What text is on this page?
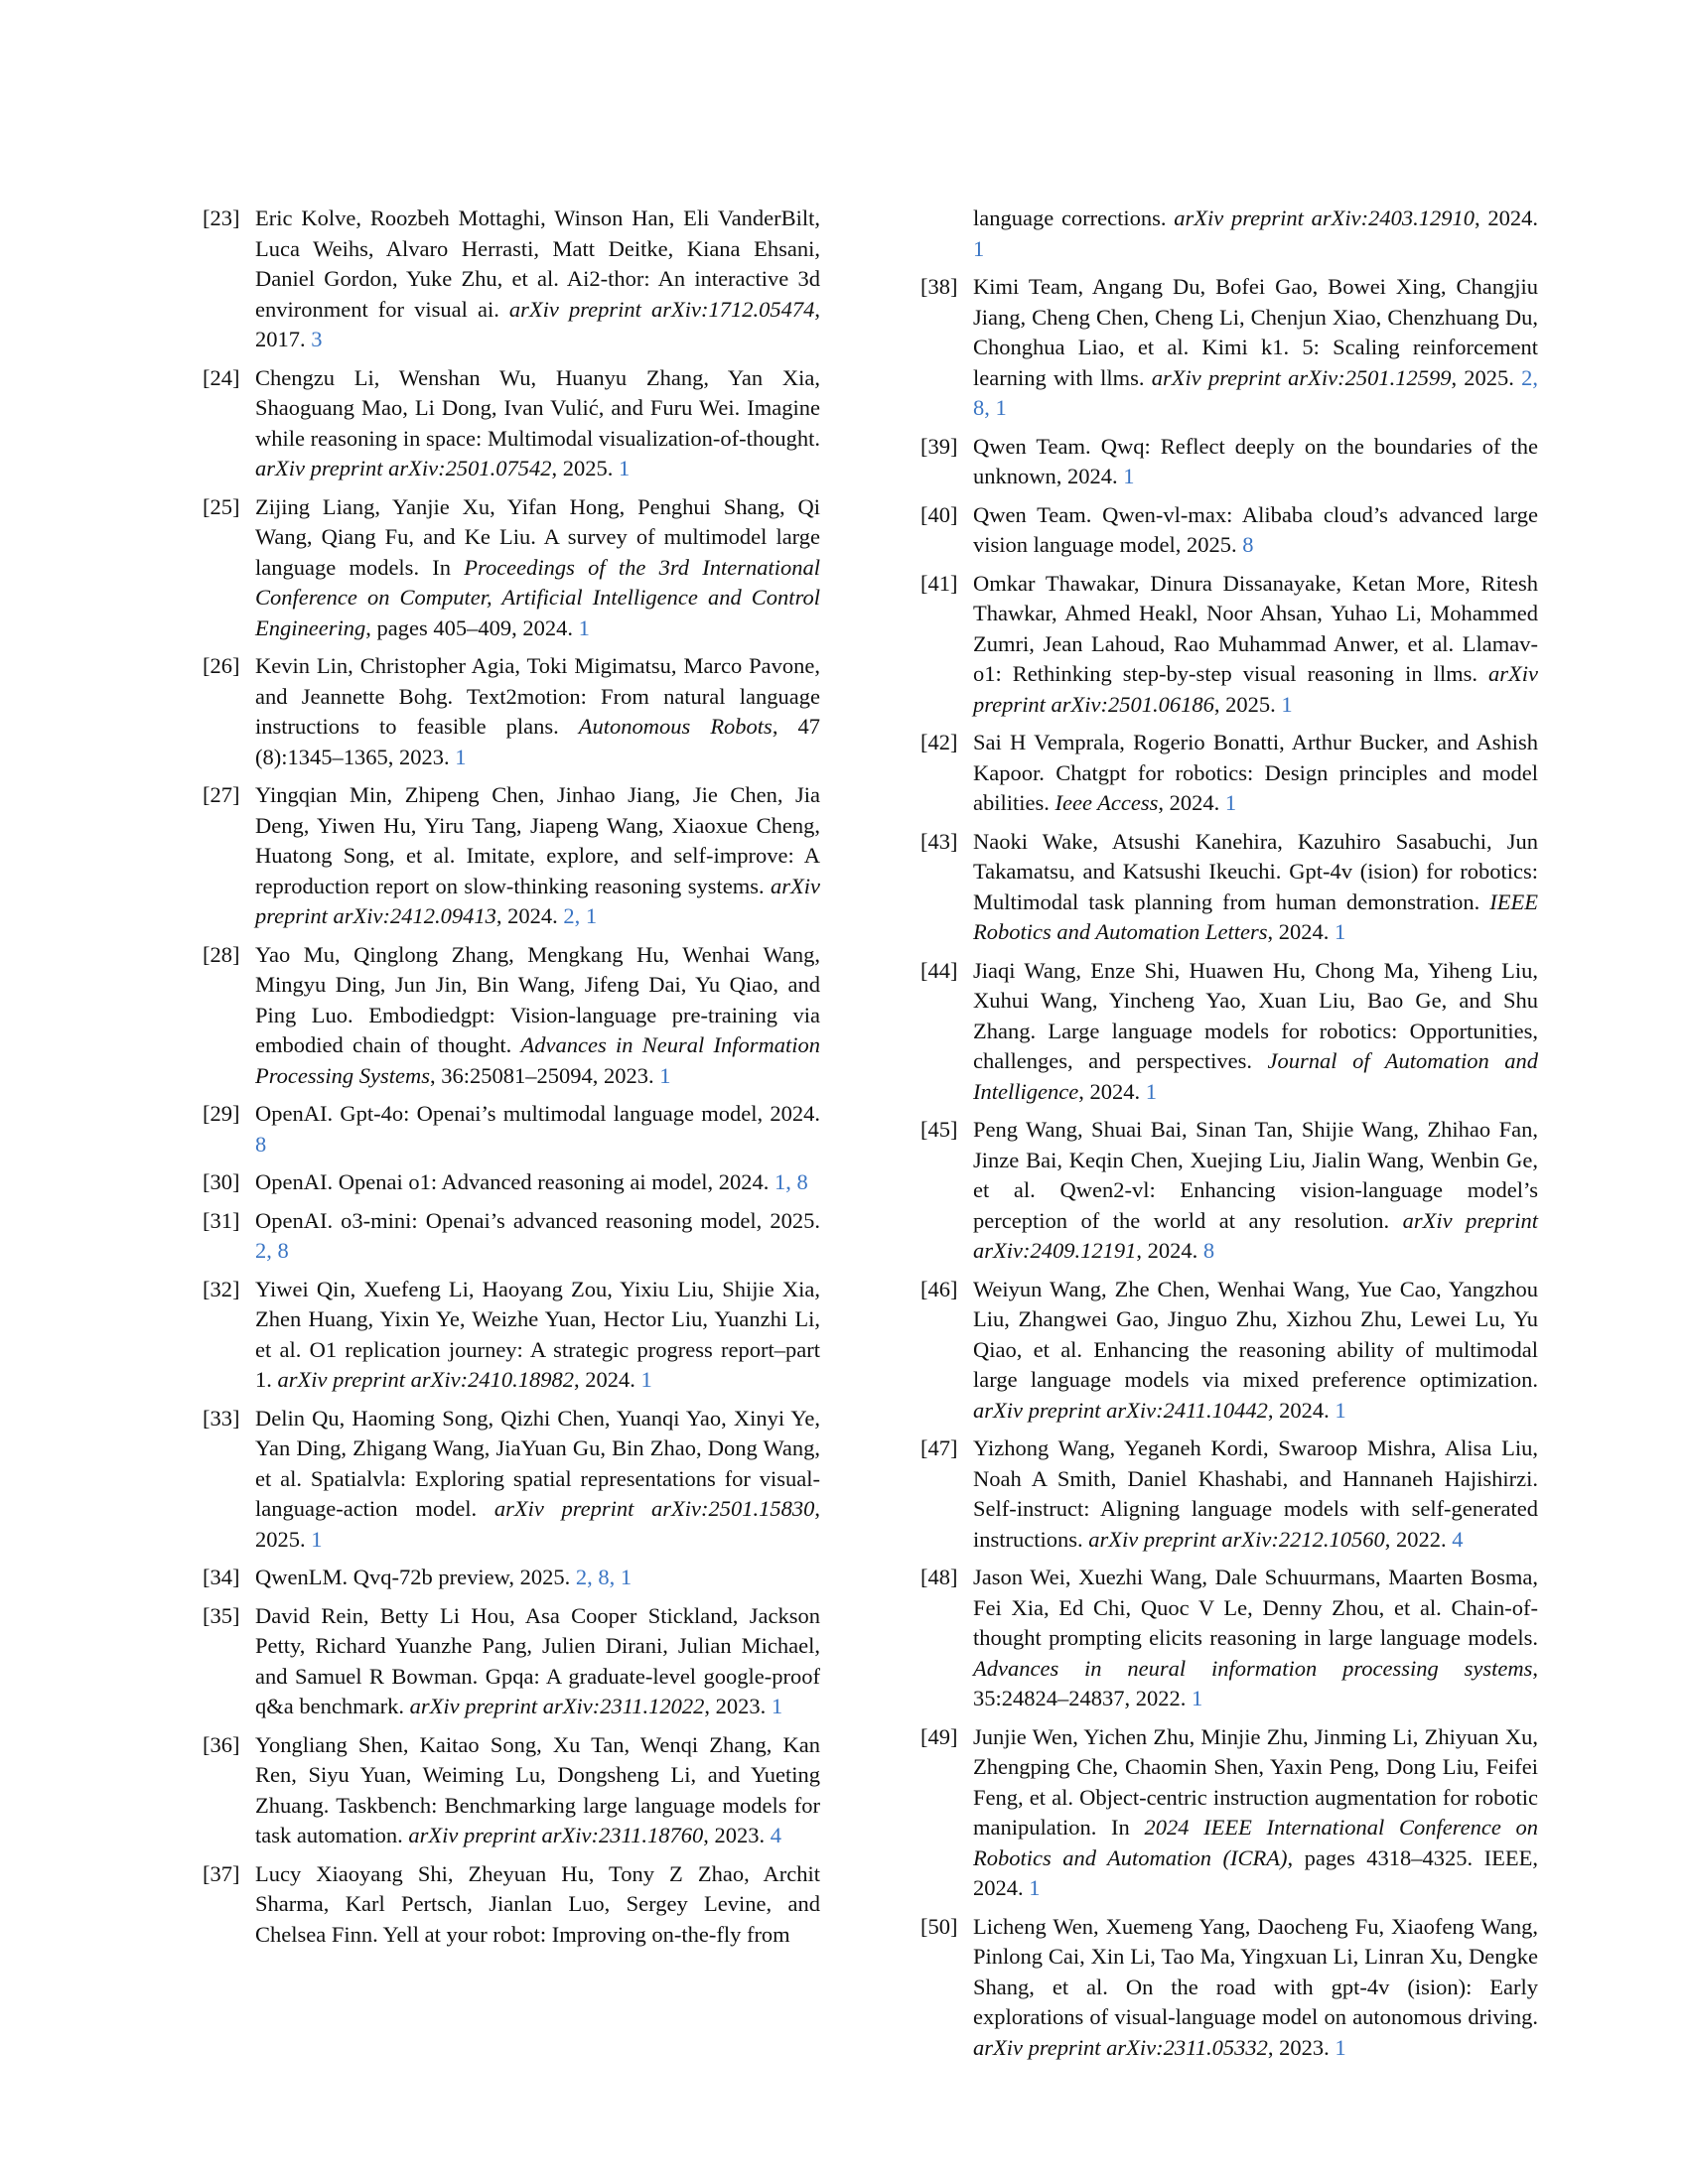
[23] Eric Kolve, Roozbeh Mottaghi, Winson Han, Eli VanderBilt, Luca Weihs, Alvaro Herrasti, Matt Deitke, Kiana Ehsani, Daniel Gordon, Yuke Zhu, et al. Ai2-thor: An interactive 3d environment for visual ai. arXiv preprint arXiv:1712.05474, 2017. 3
[24] Chengzu Li, Wenshan Wu, Huanyu Zhang, Yan Xia, Shaoguang Mao, Li Dong, Ivan Vulić, and Furu Wei. Imagine while reasoning in space: Multimodal visualization-of-thought. arXiv preprint arXiv:2501.07542, 2025. 1
[25] Zijing Liang, Yanjie Xu, Yifan Hong, Penghui Shang, Qi Wang, Qiang Fu, and Ke Liu. A survey of multimodel large language models. In Proceedings of the 3rd International Conference on Computer, Artificial Intelligence and Control Engineering, pages 405–409, 2024. 1
[26] Kevin Lin, Christopher Agia, Toki Migimatsu, Marco Pavone, and Jeannette Bohg. Text2motion: From natural language instructions to feasible plans. Autonomous Robots, 47 (8):1345–1365, 2023. 1
[27] Yingqian Min, Zhipeng Chen, Jinhao Jiang, Jie Chen, Jia Deng, Yiwen Hu, Yiru Tang, Jiapeng Wang, Xiaoxue Cheng, Huatong Song, et al. Imitate, explore, and self-improve: A reproduction report on slow-thinking reasoning systems. arXiv preprint arXiv:2412.09413, 2024. 2, 1
[28] Yao Mu, Qinglong Zhang, Mengkang Hu, Wenhai Wang, Mingyu Ding, Jun Jin, Bin Wang, Jifeng Dai, Yu Qiao, and Ping Luo. Embodiedgpt: Vision-language pre-training via embodied chain of thought. Advances in Neural Information Processing Systems, 36:25081–25094, 2023. 1
[29] OpenAI. Gpt-4o: Openai’s multimodal language model, 2024. 8
[30] OpenAI. Openai o1: Advanced reasoning ai model, 2024. 1, 8
[31] OpenAI. o3-mini: Openai’s advanced reasoning model, 2025. 2, 8
[32] Yiwei Qin, Xuefeng Li, Haoyang Zou, Yixiu Liu, Shijie Xia, Zhen Huang, Yixin Ye, Weizhe Yuan, Hector Liu, Yuanzhi Li, et al. O1 replication journey: A strategic progress report–part 1. arXiv preprint arXiv:2410.18982, 2024. 1
[33] Delin Qu, Haoming Song, Qizhi Chen, Yuanqi Yao, Xinyi Ye, Yan Ding, Zhigang Wang, JiaYuan Gu, Bin Zhao, Dong Wang, et al. Spatialvla: Exploring spatial representations for visual-language-action model. arXiv preprint arXiv:2501.15830, 2025. 1
[34] QwenLM. Qvq-72b preview, 2025. 2, 8, 1
[35] David Rein, Betty Li Hou, Asa Cooper Stickland, Jackson Petty, Richard Yuanzhe Pang, Julien Dirani, Julian Michael, and Samuel R Bowman. Gpqa: A graduate-level google-proof q&a benchmark. arXiv preprint arXiv:2311.12022, 2023. 1
[36] Yongliang Shen, Kaitao Song, Xu Tan, Wenqi Zhang, Kan Ren, Siyu Yuan, Weiming Lu, Dongsheng Li, and Yueting Zhuang. Taskbench: Benchmarking large language models for task automation. arXiv preprint arXiv:2311.18760, 2023. 4
[37] Lucy Xiaoyang Shi, Zheyuan Hu, Tony Z Zhao, Archit Sharma, Karl Pertsch, Jianlan Luo, Sergey Levine, and Chelsea Finn. Yell at your robot: Improving on-the-fly from
language corrections. arXiv preprint arXiv:2403.12910, 2024. 1
[38] Kimi Team, Angang Du, Bofei Gao, Bowei Xing, Changjiu Jiang, Cheng Chen, Cheng Li, Chenjun Xiao, Chenzhuang Du, Chonghua Liao, et al. Kimi k1. 5: Scaling reinforcement learning with llms. arXiv preprint arXiv:2501.12599, 2025. 2, 8, 1
[39] Qwen Team. Qwq: Reflect deeply on the boundaries of the unknown, 2024. 1
[40] Qwen Team. Qwen-vl-max: Alibaba cloud’s advanced large vision language model, 2025. 8
[41] Omkar Thawakar, Dinura Dissanayake, Ketan More, Ritesh Thawkar, Ahmed Heakl, Noor Ahsan, Yuhao Li, Mohammed Zumri, Jean Lahoud, Rao Muhammad Anwer, et al. Llamav-o1: Rethinking step-by-step visual reasoning in llms. arXiv preprint arXiv:2501.06186, 2025. 1
[42] Sai H Vemprala, Rogerio Bonatti, Arthur Bucker, and Ashish Kapoor. Chatgpt for robotics: Design principles and model abilities. Ieee Access, 2024. 1
[43] Naoki Wake, Atsushi Kanehira, Kazuhiro Sasabuchi, Jun Takamatsu, and Katsushi Ikeuchi. Gpt-4v (ision) for robotics: Multimodal task planning from human demonstration. IEEE Robotics and Automation Letters, 2024. 1
[44] Jiaqi Wang, Enze Shi, Huawen Hu, Chong Ma, Yiheng Liu, Xuhui Wang, Yincheng Yao, Xuan Liu, Bao Ge, and Shu Zhang. Large language models for robotics: Opportunities, challenges, and perspectives. Journal of Automation and Intelligence, 2024. 1
[45] Peng Wang, Shuai Bai, Sinan Tan, Shijie Wang, Zhihao Fan, Jinze Bai, Keqin Chen, Xuejing Liu, Jialin Wang, Wenbin Ge, et al. Qwen2-vl: Enhancing vision-language model’s perception of the world at any resolution. arXiv preprint arXiv:2409.12191, 2024. 8
[46] Weiyun Wang, Zhe Chen, Wenhai Wang, Yue Cao, Yangzhou Liu, Zhangwei Gao, Jinguo Zhu, Xizhou Zhu, Lewei Lu, Yu Qiao, et al. Enhancing the reasoning ability of multimodal large language models via mixed preference optimization. arXiv preprint arXiv:2411.10442, 2024. 1
[47] Yizhong Wang, Yeganeh Kordi, Swaroop Mishra, Alisa Liu, Noah A Smith, Daniel Khashabi, and Hannaneh Hajishirzi. Self-instruct: Aligning language models with self-generated instructions. arXiv preprint arXiv:2212.10560, 2022. 4
[48] Jason Wei, Xuezhi Wang, Dale Schuurmans, Maarten Bosma, Fei Xia, Ed Chi, Quoc V Le, Denny Zhou, et al. Chain-of-thought prompting elicits reasoning in large language models. Advances in neural information processing systems, 35:24824–24837, 2022. 1
[49] Junjie Wen, Yichen Zhu, Minjie Zhu, Jinming Li, Zhiyuan Xu, Zhengping Che, Chaomin Shen, Yaxin Peng, Dong Liu, Feifei Feng, et al. Object-centric instruction augmentation for robotic manipulation. In 2024 IEEE International Conference on Robotics and Automation (ICRA), pages 4318–4325. IEEE, 2024. 1
[50] Licheng Wen, Xuemeng Yang, Daocheng Fu, Xiaofeng Wang, Pinlong Cai, Xin Li, Tao Ma, Yingxuan Li, Linran Xu, Dengke Shang, et al. On the road with gpt-4v (ision): Early explorations of visual-language model on autonomous driving. arXiv preprint arXiv:2311.05332, 2023. 1
